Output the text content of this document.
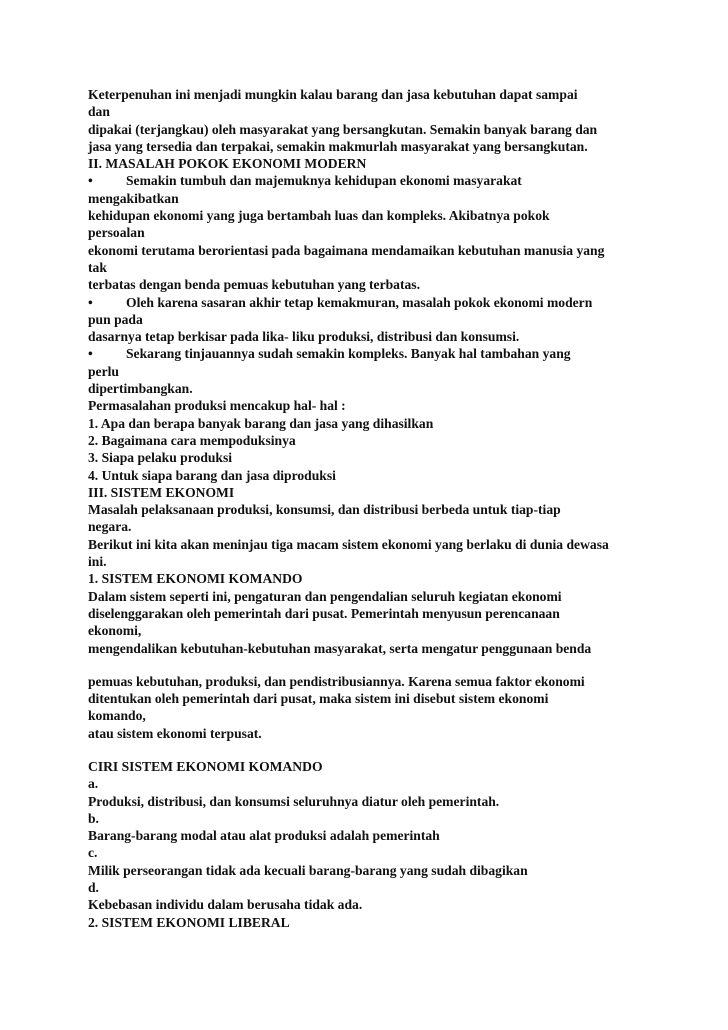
Keterpenuhan ini menjadi mungkin kalau barang dan jasa kebutuhan dapat sampai
dan
dipakai (terjangkau) oleh masyarakat yang bersangkutan. Semakin banyak barang dan
jasa yang tersedia dan terpakai, semakin makmurlah masyarakat yang bersangkutan.
II. MASALAH POKOK EKONOMI MODERN
• Semakin tumbuh dan majemuknya kehidupan ekonomi masyarakat
mengakibatkan
kehidupan ekonomi yang juga bertambah luas dan kompleks. Akibatnya pokok
persoalan
ekonomi terutama berorientasi pada bagaimana mendamaikan kebutuhan manusia yang
tak
terbatas dengan benda pemuas kebutuhan yang terbatas.
• Oleh karena sasaran akhir tetap kemakmuran, masalah pokok ekonomi modern
pun pada
dasarnya tetap berkisar pada lika- liku produksi, distribusi dan konsumsi.
• Sekarang tinjauannya sudah semakin kompleks. Banyak hal tambahan yang
perlu
dipertimbangkan.
Permasalahan produksi mencakup hal- hal :
1. Apa dan berapa banyak barang dan jasa yang dihasilkan
2. Bagaimana cara mempoduksinya
3. Siapa pelaku produksi
4. Untuk siapa barang dan jasa diproduksi
III. SISTEM EKONOMI
Masalah pelaksanaan produksi, konsumsi, dan distribusi berbeda untuk tiap-tiap
negara.
Berikut ini kita akan meninjau tiga macam sistem ekonomi yang berlaku di dunia dewasa
ini.
1. SISTEM EKONOMI KOMANDO
Dalam sistem seperti ini, pengaturan dan pengendalian seluruh kegiatan ekonomi
diselenggarakan oleh pemerintah dari pusat. Pemerintah menyusun perencanaan
ekonomi,
mengendalikan kebutuhan-kebutuhan masyarakat, serta mengatur penggunaan benda
pemuas kebutuhan, produksi, dan pendistribusiannya. Karena semua faktor ekonomi
ditentukan oleh pemerintah dari pusat, maka sistem ini disebut sistem ekonomi
komando,
atau sistem ekonomi terpusat.
CIRI SISTEM EKONOMI KOMANDO
a.
Produksi, distribusi, dan konsumsi seluruhnya diatur oleh pemerintah.
b.
Barang-barang modal atau alat produksi adalah pemerintah
c.
Milik perseorangan tidak ada kecuali barang-barang yang sudah dibagikan
d.
Kebebasan individu dalam berusaha tidak ada.
2. SISTEM EKONOMI LIBERAL
